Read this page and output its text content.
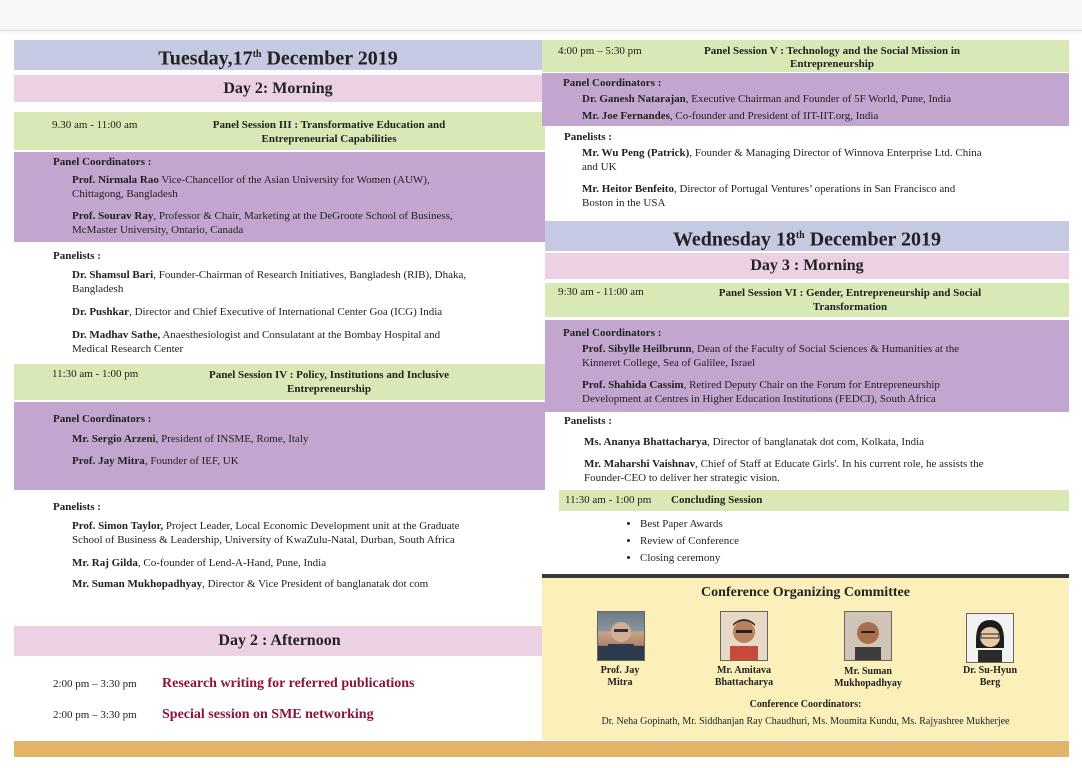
Tuesday,17th December 2019
Day 2: Morning
9.30 am - 11:00 am	Panel Session III : Transformative Education and
Entrepreneurial Capabilities
Panel Coordinators :
Prof. Nirmala Rao Vice-Chancellor of the Asian University for Women (AUW),
Chittagong, Bangladesh
Prof. Sourav Ray, Professor & Chair, Marketing at the DeGroote School of Business,
McMaster University, Ontario, Canada
Panelists :
Dr. Shamsul Bari, Founder-Chairman of Research Initiatives, Bangladesh (RIB), Dhaka,
Bangladesh
Dr. Pushkar, Director and Chief Executive of International Center Goa (ICG) India
Dr. Madhav Sathe, Anaesthesiologist and Consulatant at the Bombay Hospital and
Medical Research Center
11:30 am - 1:00 pm	Panel Session IV : Policy, Institutions and Inclusive
Entrepreneurship
Panel Coordinators :
Mr. Sergio Arzeni, President of INSME, Rome, Italy
Prof. Jay Mitra, Founder of IEF, UK
Panelists :
Prof. Simon Taylor, Project Leader, Local Economic Development unit at the Graduate
School of Business & Leadership, University of KwaZulu-Natal, Durban, South Africa
Mr. Raj Gilda, Co-founder of Lend-A-Hand, Pune, India
Mr. Suman Mukhopadhyay, Director & Vice President of banglanatak dot com
Day 2 : Afternoon
2:00 pm – 3:30 pm Research writing for referred publications
2:00 pm – 3:30 pm Special session on SME networking
4:00 pm – 5:30 pm	Panel Session V : Technology and the Social Mission in
Entrepreneurship
Panel Coordinators :
Dr. Ganesh Natarajan, Executive Chairman and Founder of 5F World, Pune, India
Mr. Joe Fernandes, Co-founder and President of IIT-IIT.org, India
Panelists :
Mr. Wu Peng (Patrick), Founder & Managing Director of Winnova Enterprise Ltd. China
and UK
Mr. Heitor Benfeito, Director of Portugal Ventures’ operations in San Francisco and
Boston in the USA
Wednesday 18th December 2019
Day 3 : Morning
9:30 am - 11:00 am	Panel Session VI : Gender, Entrepreneurship and Social
Transformation
Panel Coordinators :
Prof. Sibylle Heilbrunn, Dean of the Faculty of Social Sciences & Humanities at the
Kinneret College, Sea of Galilee, Israel
Prof. Shahida Cassim, Retired Deputy Chair on the Forum for Entrepreneurship
Development at Centres in Higher Education Institutions (FEDCI), South Africa
Panelists :
Ms. Ananya Bhattacharya, Director of banglanatak dot com, Kolkata, India
Mr. Maharshi Vaishnav, Chief of Staff at Educate Girls'. In his current role, he assists the
Founder-CEO to deliver her strategic vision.
11:30 am - 1:00 pm Concluding Session
• Best Paper Awards
• Review of Conference
• Closing ceremony
Conference Organizing Committee
Prof. Jay
Mitra
Mr. Amitava
Bhattacharya
Mr. Suman
Mukhopadhyay
Dr. Su-Hyun
Berg
Conference Coordinators:
Dr. Neha Gopinath, Mr. Siddhanjan Ray Chaudhuri, Ms. Moumita Kundu, Ms. Rajyashree Mukherjee
